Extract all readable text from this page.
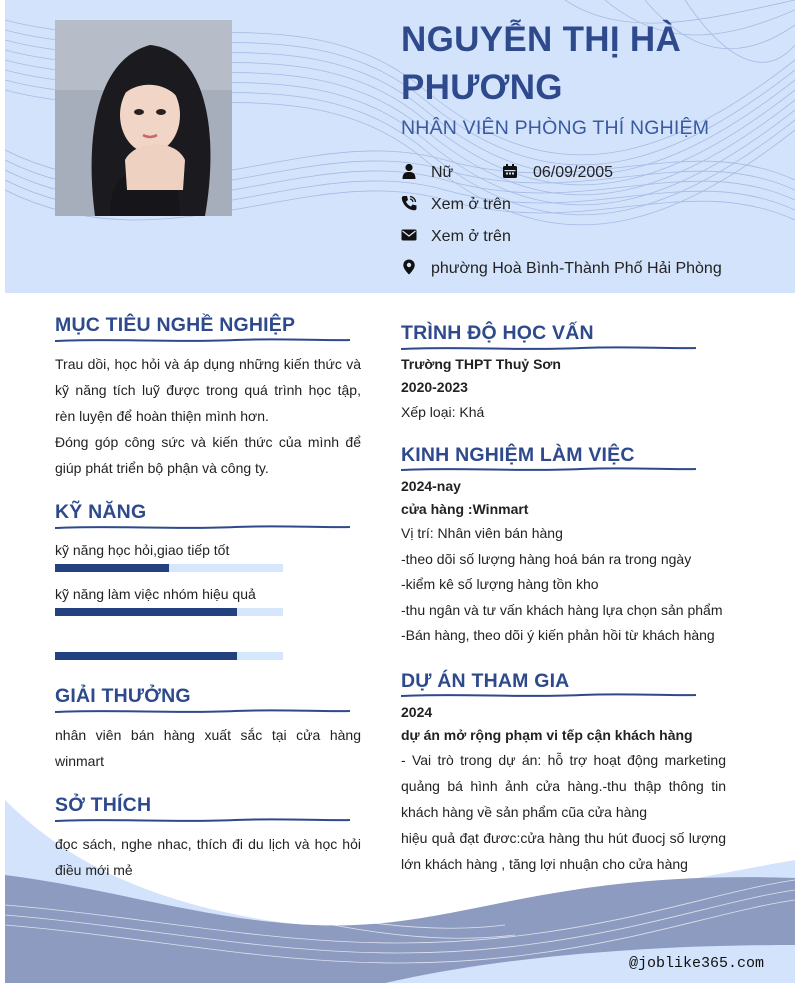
NGUYỄN THỊ HÀ PHƯƠNG
NHÂN VIÊN PHÒNG THÍ NGHIỆM
Nữ	06/09/2005
Xem ở trên
Xem ở trên
phường Hoà Bình-Thành Phố Hải Phòng
MỤC TIÊU NGHỀ NGHIỆP

Trau dồi, học hỏi và áp dụng những kiến thức và kỹ năng tích luỹ được trong quá trình học tập, rèn luyện để hoàn thiện mình hơn.

Đóng góp công sức và kiến thức của mình để giúp phát triển bộ phận và công ty.

KỸ NĂNG
kỹ năng học hỏi,giao tiếp tốt
kỹ năng làm việc nhóm hiệu quả
GIẢI THƯỞNG
nhân viên bán hàng xuất sắc tại cửa hàng winmart
SỞ THÍCH
đọc sách, nghe nhac, thích đi du lịch và học hỏi điều mới mẻ
TRÌNH ĐỘ HỌC VẤN
Trường THPT Thuỷ Sơn
2020-2023
Xếp loại: Khá
KINH NGHIỆM LÀM VIỆC
2024-nay
cửa hàng :Winmart
Vị trí: Nhân viên bán hàng
-theo dõi số lượng hàng hoá bán ra trong ngày
-kiểm kê số lượng hàng tồn kho
-thu ngân và tư vấn khách hàng lựa chọn sản phẩm
-Bán hàng, theo dõi ý kiến phản hồi từ khách hàng
DỰ ÁN THAM GIA
2024
dự án mở rộng phạm vi tếp cận khách hàng

- Vai trò trong dự án: hỗ trợ hoạt động marketing quảng bá hình ảnh cửa hàng.-thu thập thông tin khách hàng về sản phẩm cũa cửa hàng

hiệu quả đạt đươc:cửa hàng thu hút đuocj số lượng lớn khách hàng , tăng lợi nhuận cho cửa hàng

@joblike365.com
